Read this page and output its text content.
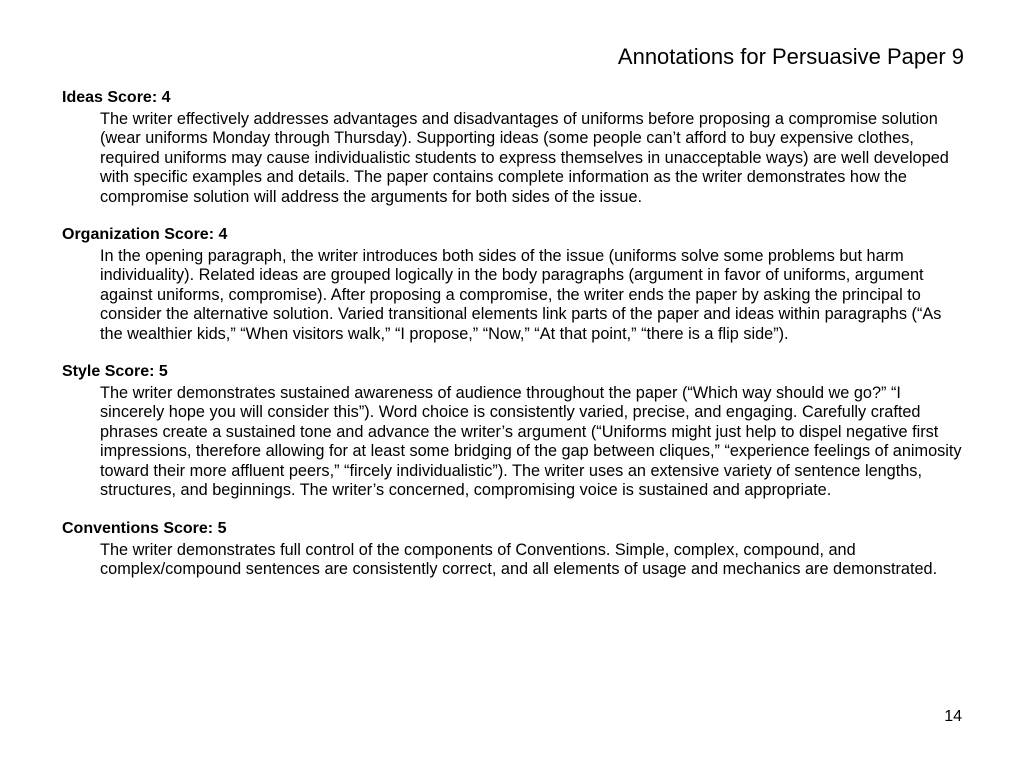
Annotations for Persuasive Paper 9
Ideas Score: 4
The writer effectively addresses advantages and disadvantages of uniforms before proposing a compromise solution (wear uniforms Monday through Thursday). Supporting ideas (some people can’t afford to buy expensive clothes, required uniforms may cause individualistic students to express themselves in unacceptable ways) are well developed with specific examples and details. The paper contains complete information as the writer demonstrates how the compromise solution will address the arguments for both sides of the issue.
Organization Score: 4
In the opening paragraph, the writer introduces both sides of the issue (uniforms solve some problems but harm individuality). Related ideas are grouped logically in the body paragraphs (argument in favor of uniforms, argument against uniforms, compromise). After proposing a compromise, the writer ends the paper by asking the principal to consider the alternative solution. Varied transitional elements link parts of the paper and ideas within paragraphs (“As the wealthier kids,” “When visitors walk,” “I propose,” “Now,” “At that point,” “there is a flip side”).
Style Score: 5
The writer demonstrates sustained awareness of audience throughout the paper (“Which way should we go?” “I sincerely hope you will consider this”). Word choice is consistently varied, precise, and engaging. Carefully crafted phrases create a sustained tone and advance the writer’s argument (“Uniforms might just help to dispel negative first impressions, therefore allowing for at least some bridging of the gap between cliques,” “experience feelings of animosity toward their more affluent peers,” “fircely individualistic”). The writer uses an extensive variety of sentence lengths, structures, and beginnings. The writer’s concerned, compromising voice is sustained and appropriate.
Conventions Score: 5
The writer demonstrates full control of the components of Conventions. Simple, complex, compound, and complex/compound sentences are consistently correct, and all elements of usage and mechanics are demonstrated.
14
